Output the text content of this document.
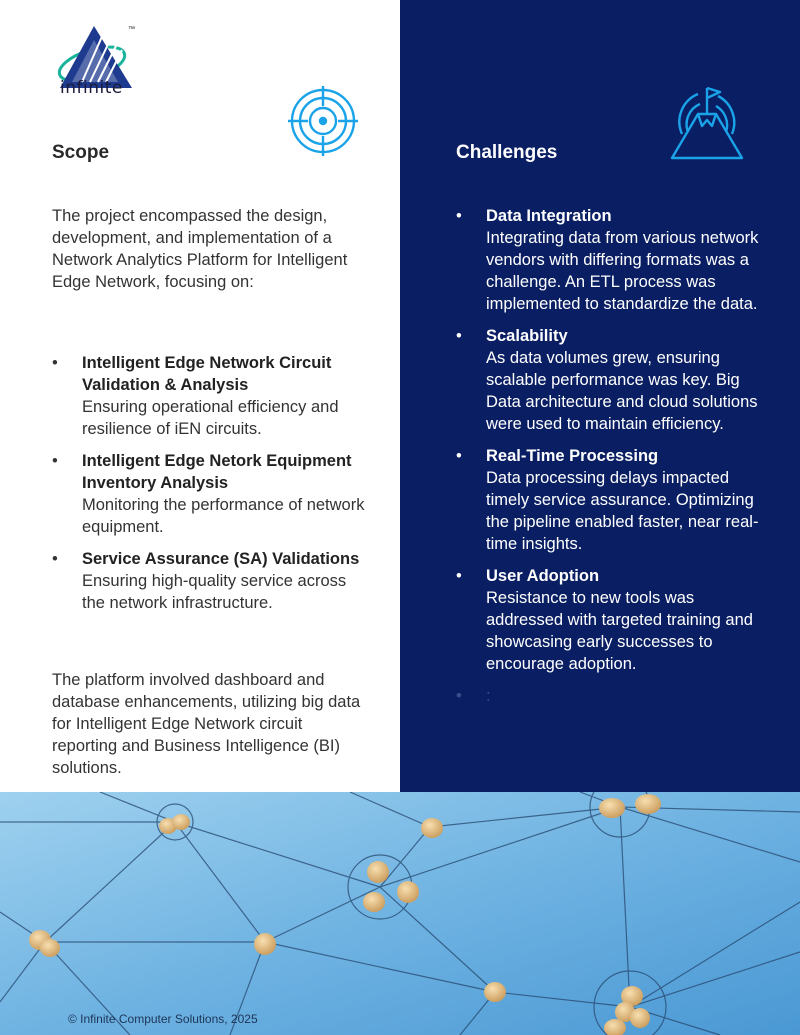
™
infinite
Scope

The project encompassed the design, development, and implementation of a Network Analytics Platform for Intelligent Edge Network, focusing on:

• Intelligent Edge Network Circuit Validation & Analysis
Ensuring operational efficiency and resilience of iEN circuits.
• Intelligent Edge Netork Equipment Inventory Analysis
Monitoring the performance of network equipment.
• Service Assurance (SA) Validations
Ensuring high-quality service across the network infrastructure.

The platform involved dashboard and database enhancements, utilizing big data for Intelligent Edge Network circuit reporting and Business Intelligence (BI) solutions.

Challenges
• Data Integration
Integrating data from various network vendors with differing formats was a challenge. An ETL process was implemented to standardize the data.
• Scalability
As data volumes grew, ensuring scalable performance was key. Big Data architecture and cloud solutions were used to maintain efficiency.
• Real-Time Processing
Data processing delays impacted timely service assurance. Optimizing the pipeline enabled faster, near real-time insights.
• User Adoption
Resistance to new tools was addressed with targeted training and showcasing early successes to encourage adoption.
• :
© Infinite Computer Solutions, 2025
